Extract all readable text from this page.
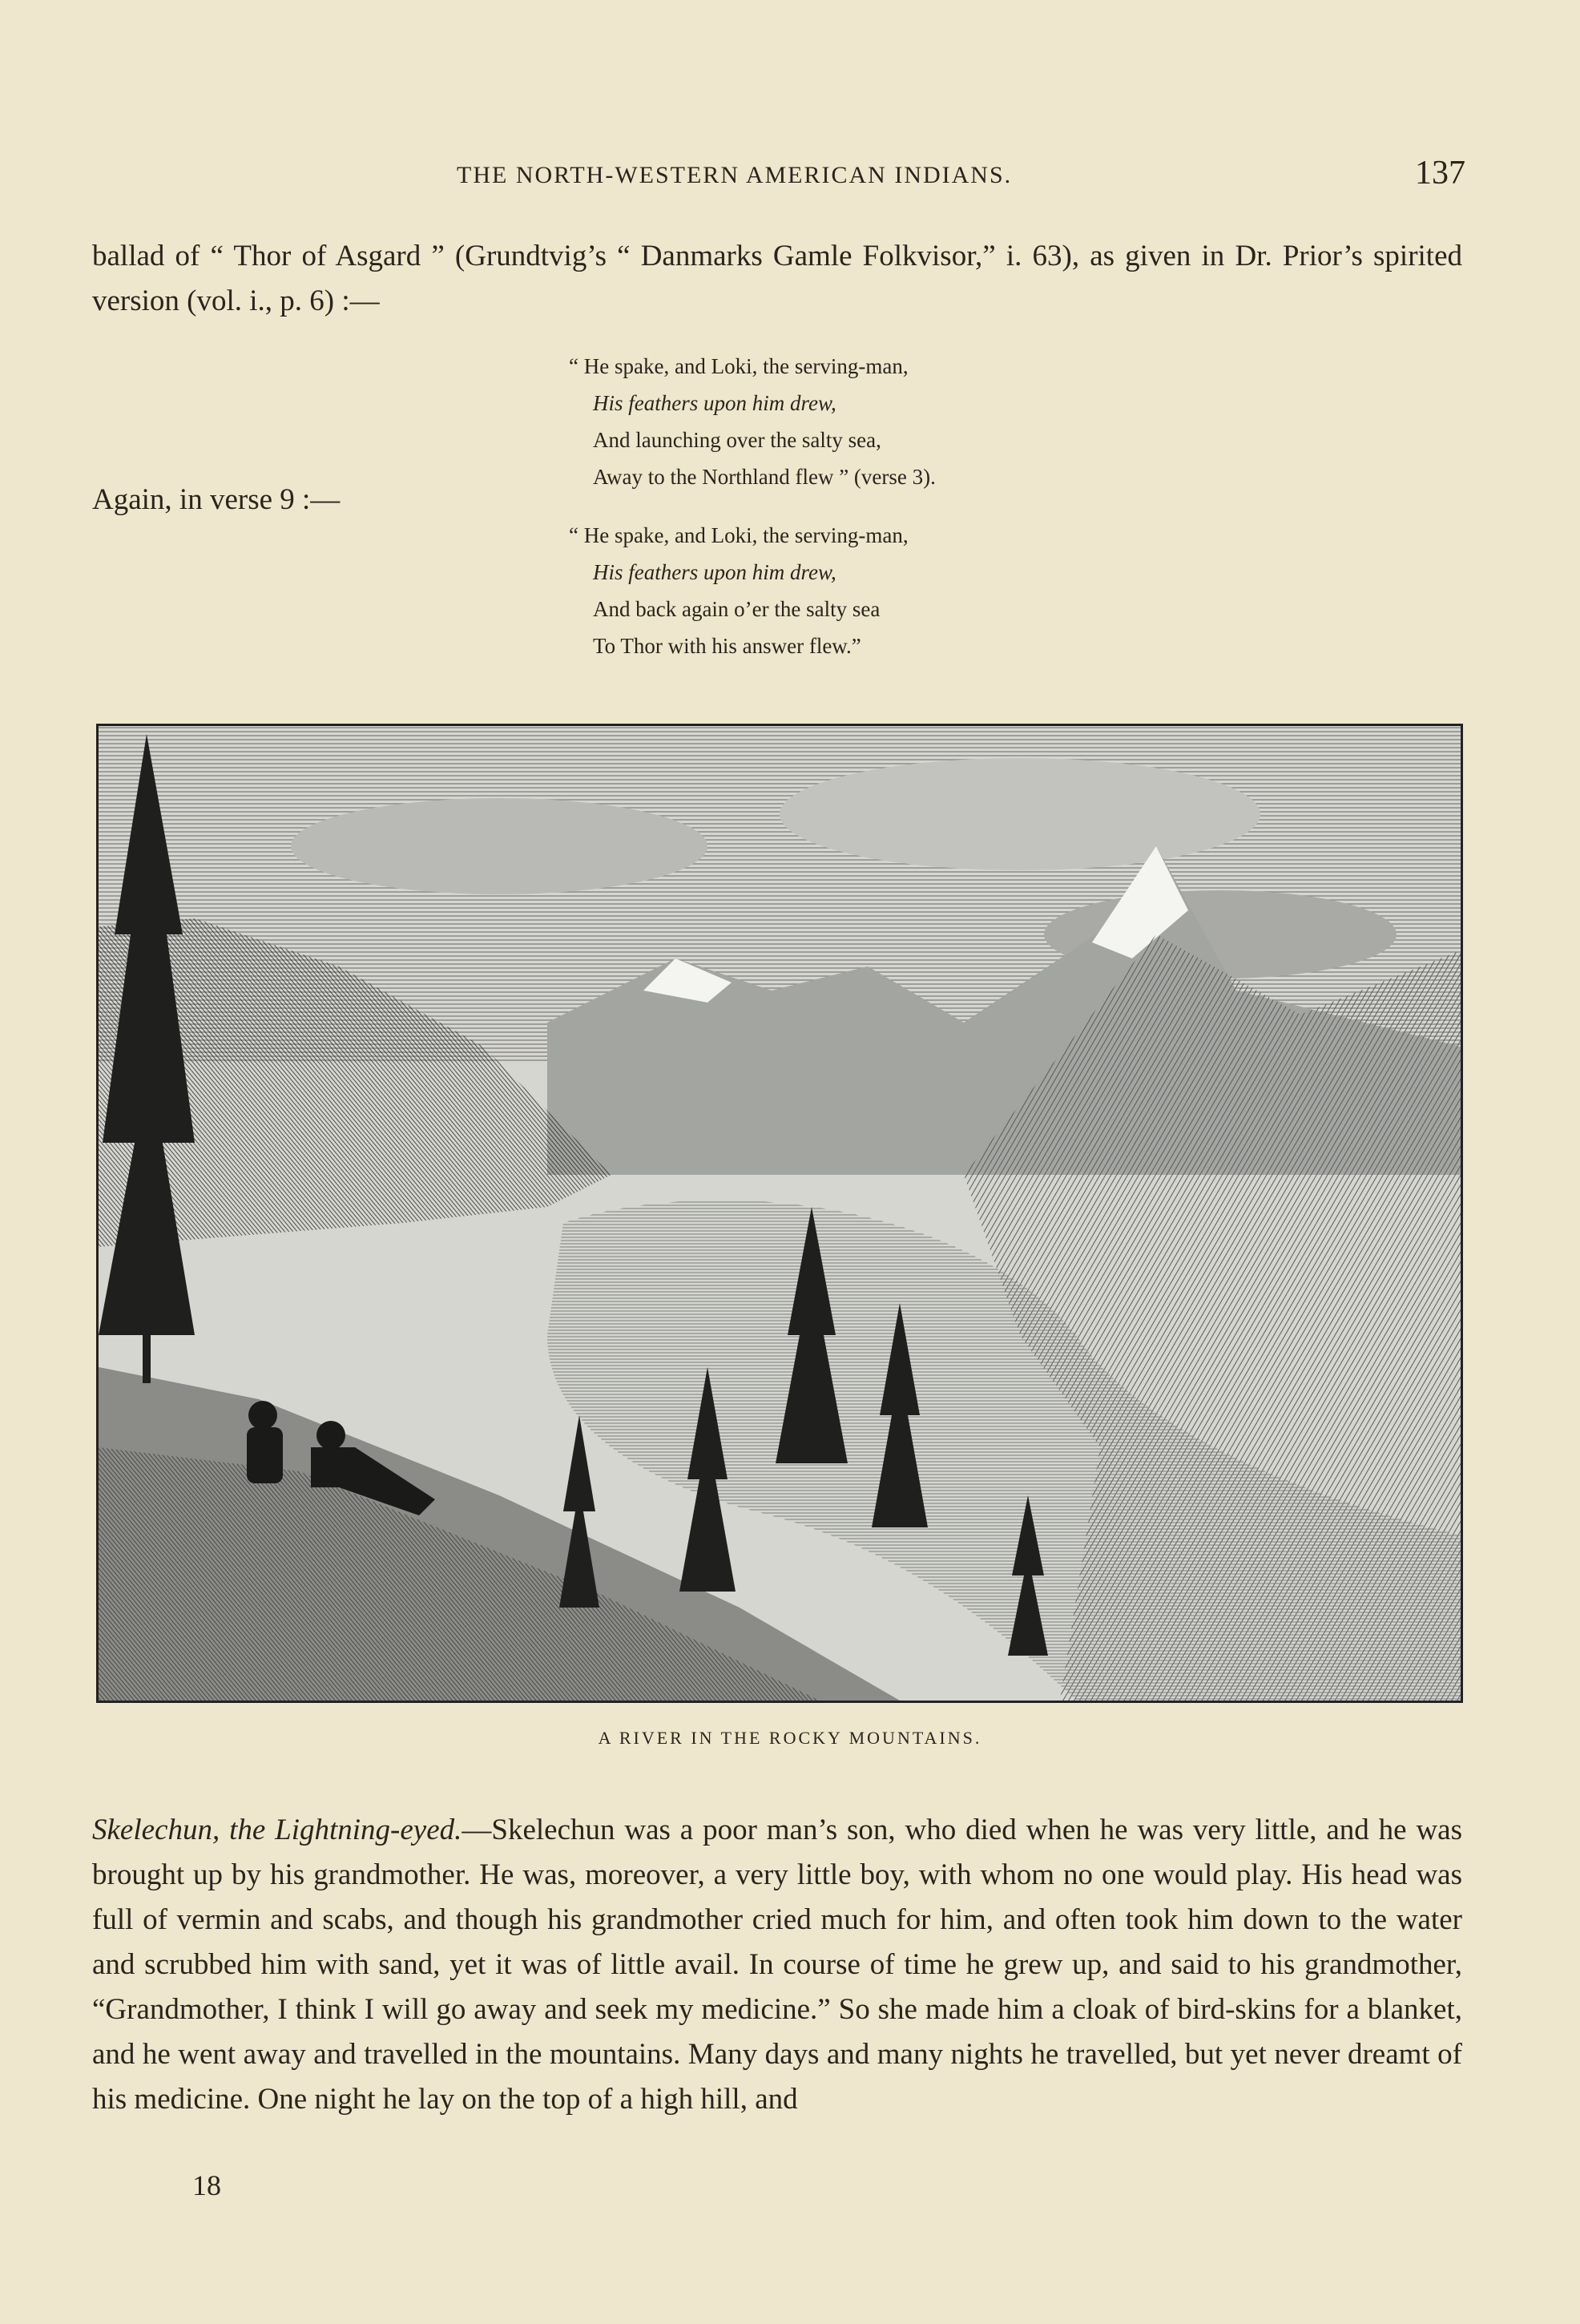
THE NORTH-WESTERN AMERICAN INDIANS.	137
ballad of “ Thor of Asgard ” (Grundtvig’s “ Danmarks Gamle Folkvisor,” i. 63), as given in Dr. Prior’s spirited version (vol. i., p. 6) :—
“ He spake, and Loki, the serving-man,
His feathers upon him drew,
And launching over the salty sea,
Away to the Northland flew ” (verse 3).
Again, in verse 9 :—
“ He spake, and Loki, the serving-man,
His feathers upon him drew,
And back again o’er the salty sea
To Thor with his answer flew.”
A RIVER IN THE ROCKY MOUNTAINS.
Skelechun, the Lightning-eyed.—Skelechun was a poor man’s son, who died when he was very little, and he was brought up by his grandmother. He was, moreover, a very little boy, with whom no one would play. His head was full of vermin and scabs, and though his grandmother cried much for him, and often took him down to the water and scrubbed him with sand, yet it was of little avail. In course of time he grew up, and said to his grandmother, “Grandmother, I think I will go away and seek my medicine.” So she made him a cloak of bird-skins for a blanket, and he went away and travelled in the mountains. Many days and many nights he travelled, but yet never dreamt of his medicine. One night he lay on the top of a high hill, and
18
